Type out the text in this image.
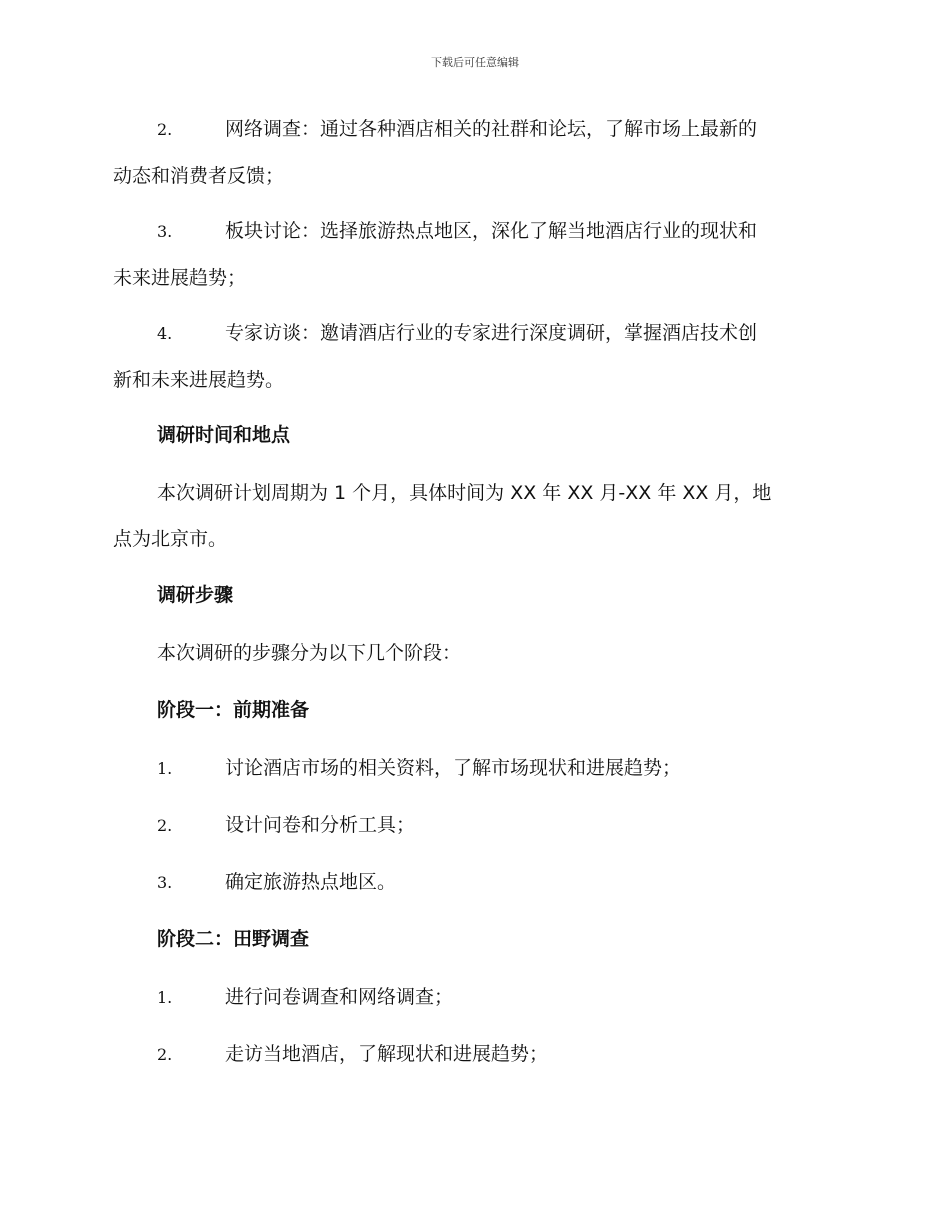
下载后可任意编辑
2.	网络调查：通过各种酒店相关的社群和论坛，了解市场上最新的
动态和消费者反馈；
3.	板块讨论：选择旅游热点地区，深化了解当地酒店行业的现状和
未来进展趋势；
4.	专家访谈：邀请酒店行业的专家进行深度调研，掌握酒店技术创
新和未来进展趋势。
调研时间和地点
本次调研计划周期为 1 个月，具体时间为 XX 年 XX 月-XX 年 XX 月，地
点为北京市。
调研步骤
本次调研的步骤分为以下几个阶段：
阶段一：前期准备
1.	讨论酒店市场的相关资料，了解市场现状和进展趋势；
2.	设计问卷和分析工具；
3.	确定旅游热点地区。
阶段二：田野调查
1.	进行问卷调查和网络调查；
2.	走访当地酒店，了解现状和进展趋势；
